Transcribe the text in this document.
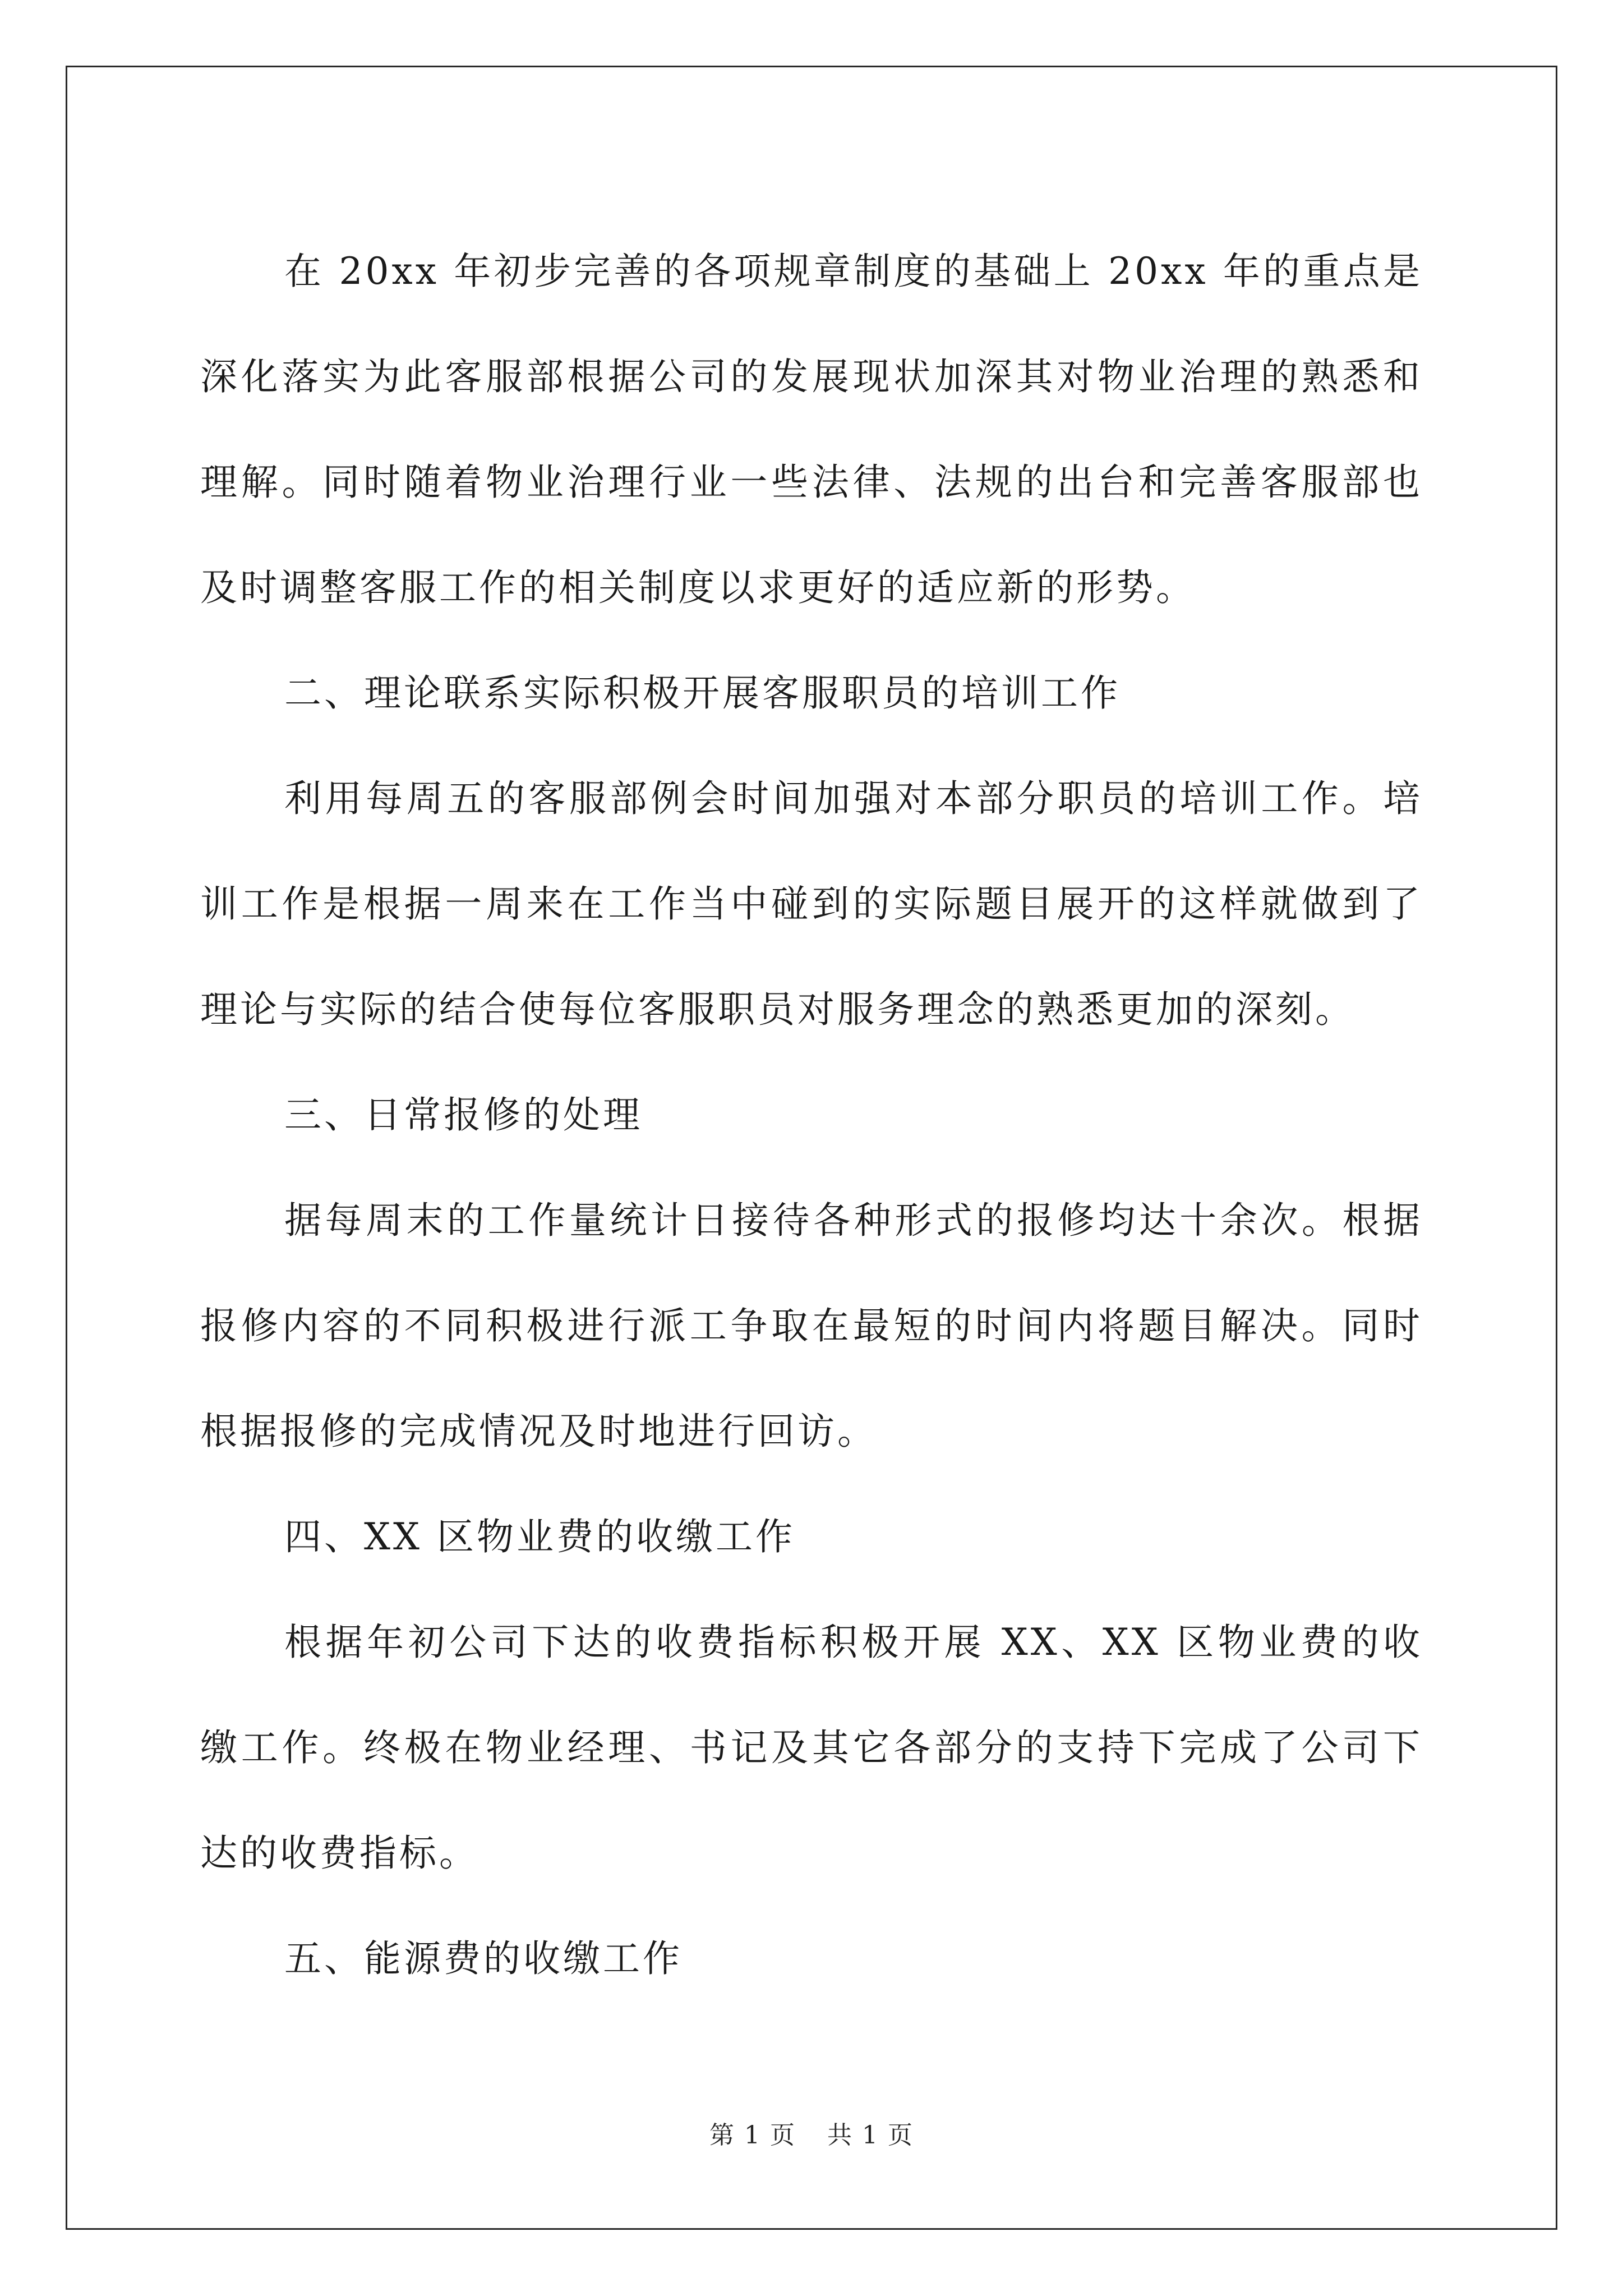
在 20xx 年初步完善的各项规章制度的基础上 20xx 年的重点是深化落实为此客服部根据公司的发展现状加深其对物业治理的熟悉和理解。同时随着物业治理行业一些法律、法规的出台和完善客服部也及时调整客服工作的相关制度以求更好的适应新的形势。

二、理论联系实际积极开展客服职员的培训工作

利用每周五的客服部例会时间加强对本部分职员的培训工作。培训工作是根据一周来在工作当中碰到的实际题目展开的这样就做到了理论与实际的结合使每位客服职员对服务理念的熟悉更加的深刻。

三、日常报修的处理

据每周末的工作量统计日接待各种形式的报修均达十余次。根据报修内容的不同积极进行派工争取在最短的时间内将题目解决。同时根据报修的完成情况及时地进行回访。

四、XX 区物业费的收缴工作

根据年初公司下达的收费指标积极开展 XX、XX 区物业费的收缴工作。终极在物业经理、书记及其它各部分的支持下完成了公司下达的收费指标。

五、能源费的收缴工作

第 1 页 共 1 页
